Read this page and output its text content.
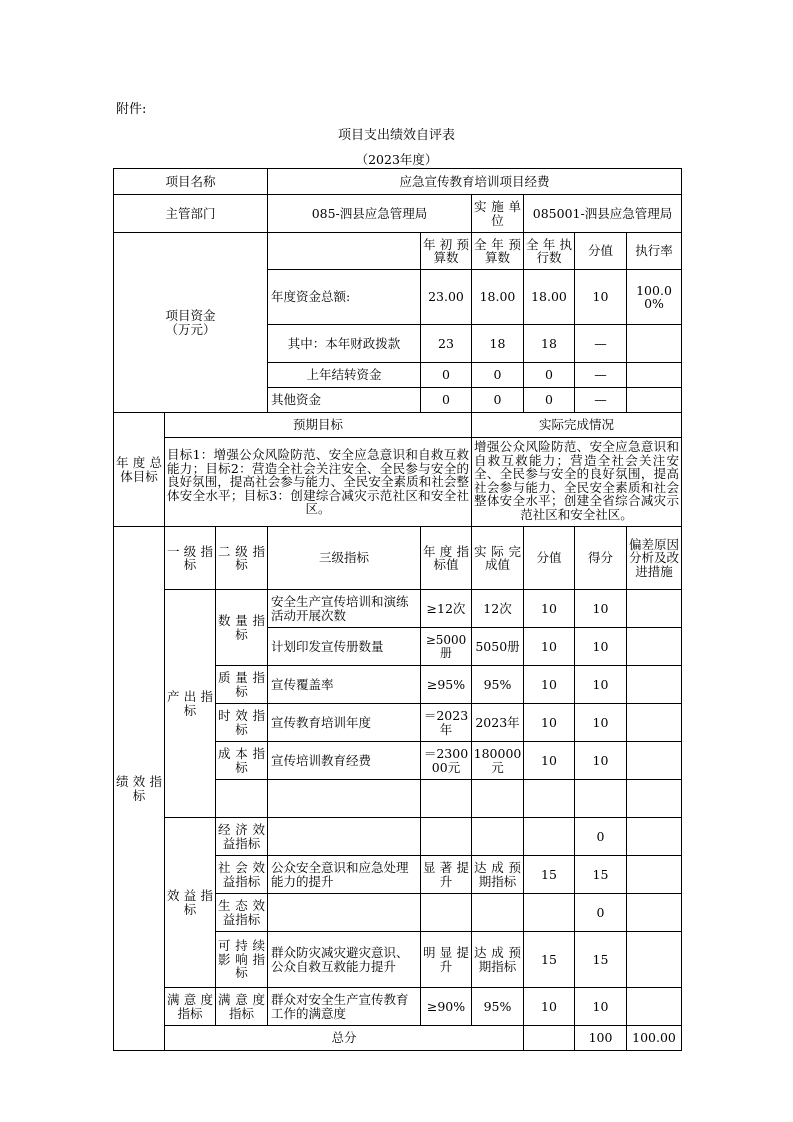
附件:
项目支出绩效自评表
（2023年度）
项目名称			应急宣传教育培训项目经费						
主管部门			085-泗县应急管理局		实施单位	085001-泗县应急管理局			
项目资金
（万元）				年初预算数	全年预算数	全年执行数	分值	执行率	
			年度资金总额:	23.00	18.00	18.00	10	100.00%	
			其中：本年财政拨款	23	18	18	—		
			上年结转资金	0	0	0	—		
			其他资金	0	0	0	—		
年度总体目标	预期目标				实际完成情况				
	目标1：增强公众风险防范、安全应急意识和自救互救能力；目标2：营造全社会关注安全、全民参与安全的良好氛围，提高社会参与能力、全民安全素质和社会整体安全水平；目标3：创建综合减灾示范社区和安全社区。				增强公众风险防范、安全应急意识和自救互救能力；营造全社会关注安全、全民参与安全的良好氛围，提高社会参与能力、全民安全素质和社会整体安全水平；创建全省综合减灾示范社区和安全社区。				
绩效指标	一级指标	二级指标	三级指标	年度指标值	实际完成值	分值	得分	偏差原因分析及改进措施	
	产出指标	数量指标	安全生产宣传培训和演练活动开展次数	≥12次	12次	10	10		
			计划印发宣传册数量	≥5000册	5050册	10	10		
		质量指标	宣传覆盖率	≥95%	95%	10	10		
		时效指标	宣传教育培训年度	＝2023年	2023年	10	10		
		成本指标	宣传培训教育经费	＝230000元	180000元	10	10		

	效益指标	经济效益指标					0		
		社会效益指标	公众安全意识和应急处理能力的提升	显著提升	达成预期指标	15	15		
		生态效益指标					0		
		可持续影响指标	群众防灾减灾避灾意识、公众自救互救能力提升	明显提升	达成预期指标	15	15		
	满意度指标	满意度指标	群众对安全生产宣传教育工作的满意度	≥90%	95%	10	10		
	总分						100	100.00	
